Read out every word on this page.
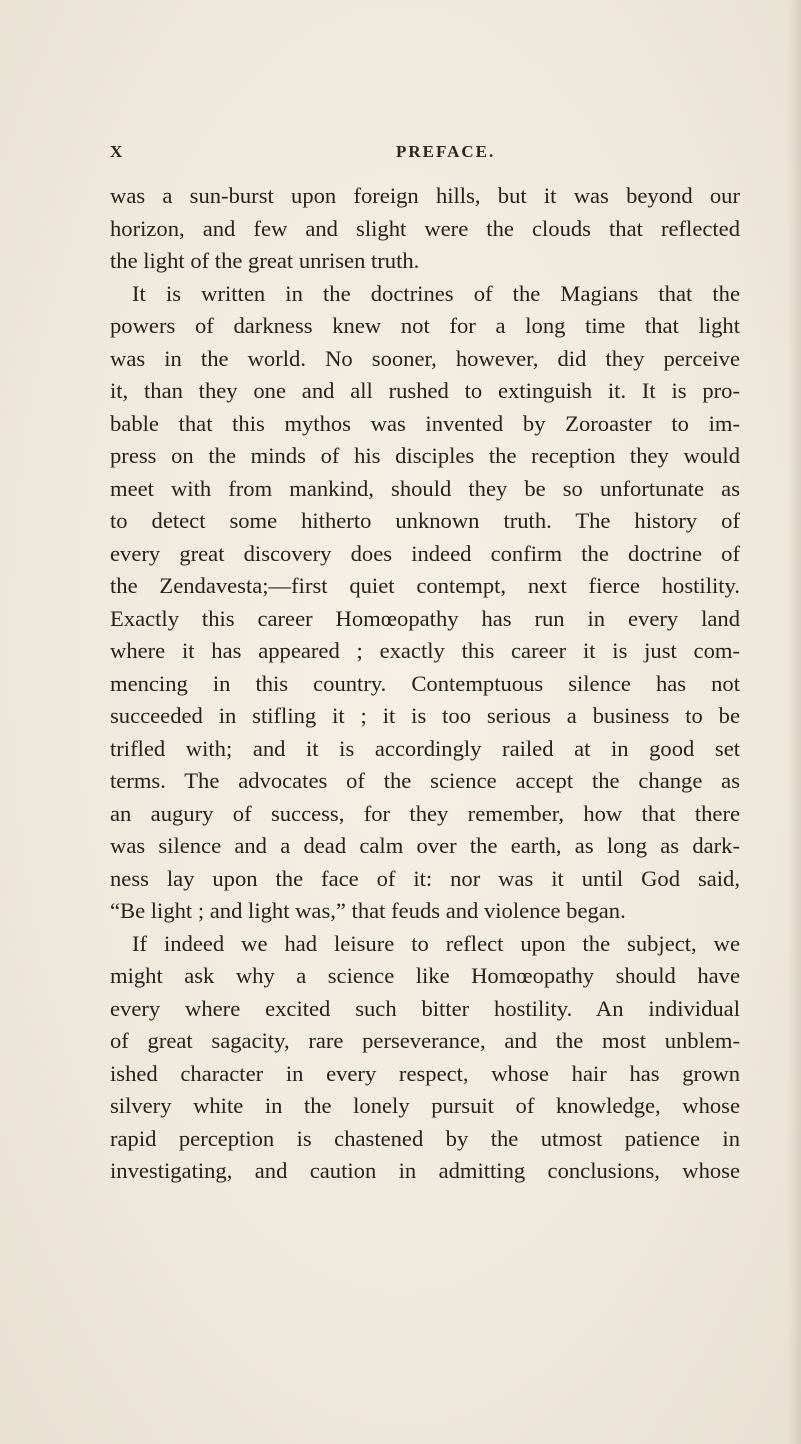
X	PREFACE.
was a sun-burst upon foreign hills, but it was beyond our
horizon, and few and slight were the clouds that reflected
the light of the great unrisen truth.
It is written in the doctrines of the Magians that the
powers of darkness knew not for a long time that light
was in the world. No sooner, however, did they perceive
it, than they one and all rushed to extinguish it. It is pro-
bable that this mythos was invented by Zoroaster to im-
press on the minds of his disciples the reception they would
meet with from mankind, should they be so unfortunate as
to detect some hitherto unknown truth. The history of
every great discovery does indeed confirm the doctrine of
the Zendavesta;—first quiet contempt, next fierce hostility.
Exactly this career Homœopathy has run in every land
where it has appeared ; exactly this career it is just com-
mencing in this country. Contemptuous silence has not
succeeded in stifling it ; it is too serious a business to be
trifled with; and it is accordingly railed at in good set
terms. The advocates of the science accept the change as
an augury of success, for they remember, how that there
was silence and a dead calm over the earth, as long as dark-
ness lay upon the face of it: nor was it until God said,
“Be light ; and light was,” that feuds and violence began.
If indeed we had leisure to reflect upon the subject, we
might ask why a science like Homœopathy should have
every where excited such bitter hostility. An individual
of great sagacity, rare perseverance, and the most unblem-
ished character in every respect, whose hair has grown
silvery white in the lonely pursuit of knowledge, whose
rapid perception is chastened by the utmost patience in
investigating, and caution in admitting conclusions, whose
